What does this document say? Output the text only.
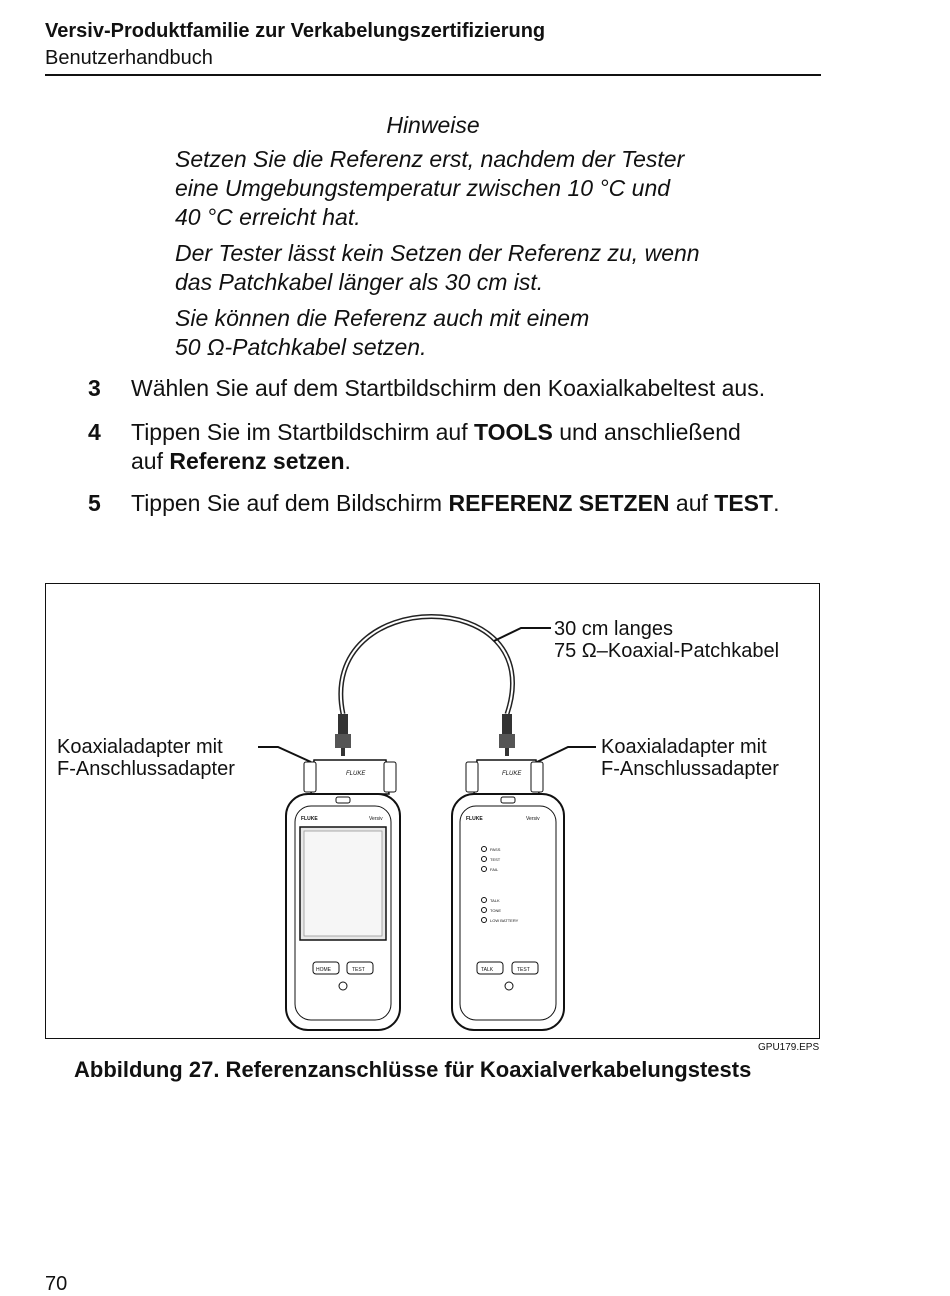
Versiv-Produktfamilie zur Verkabelungszertifizierung
Benutzerhandbuch
Hinweise
Setzen Sie die Referenz erst, nachdem der Tester
eine Umgebungstemperatur zwischen 10 °C und
40 °C erreicht hat.
Der Tester lässt kein Setzen der Referenz zu, wenn
das Patchkabel länger als 30 cm ist.
Sie können die Referenz auch mit einem
50 Ω-Patchkabel setzen.
3 Wählen Sie auf dem Startbildschirm den Koaxialkabeltest aus.
4 Tippen Sie im Startbildschirm auf TOOLS und anschließend
auf Referenz setzen.
5 Tippen Sie auf dem Bildschirm REFERENZ SETZEN auf TEST.
FLUKE
FLUKE	Versiv
HOME	TEST
FLUKE
FLUKE	Versiv
PASS
TEST
FAIL
TALK
TONE
LOW BATTERY
TALK	TEST
30 cm langes
75 Ω–Koaxial-Patchkabel
Koaxialadapter mit
F-Anschlussadapter
Koaxialadapter mit
F-Anschlussadapter
GPU179.EPS
Abbildung 27. Referenzanschlüsse für Koaxialverkabelungstests
70
